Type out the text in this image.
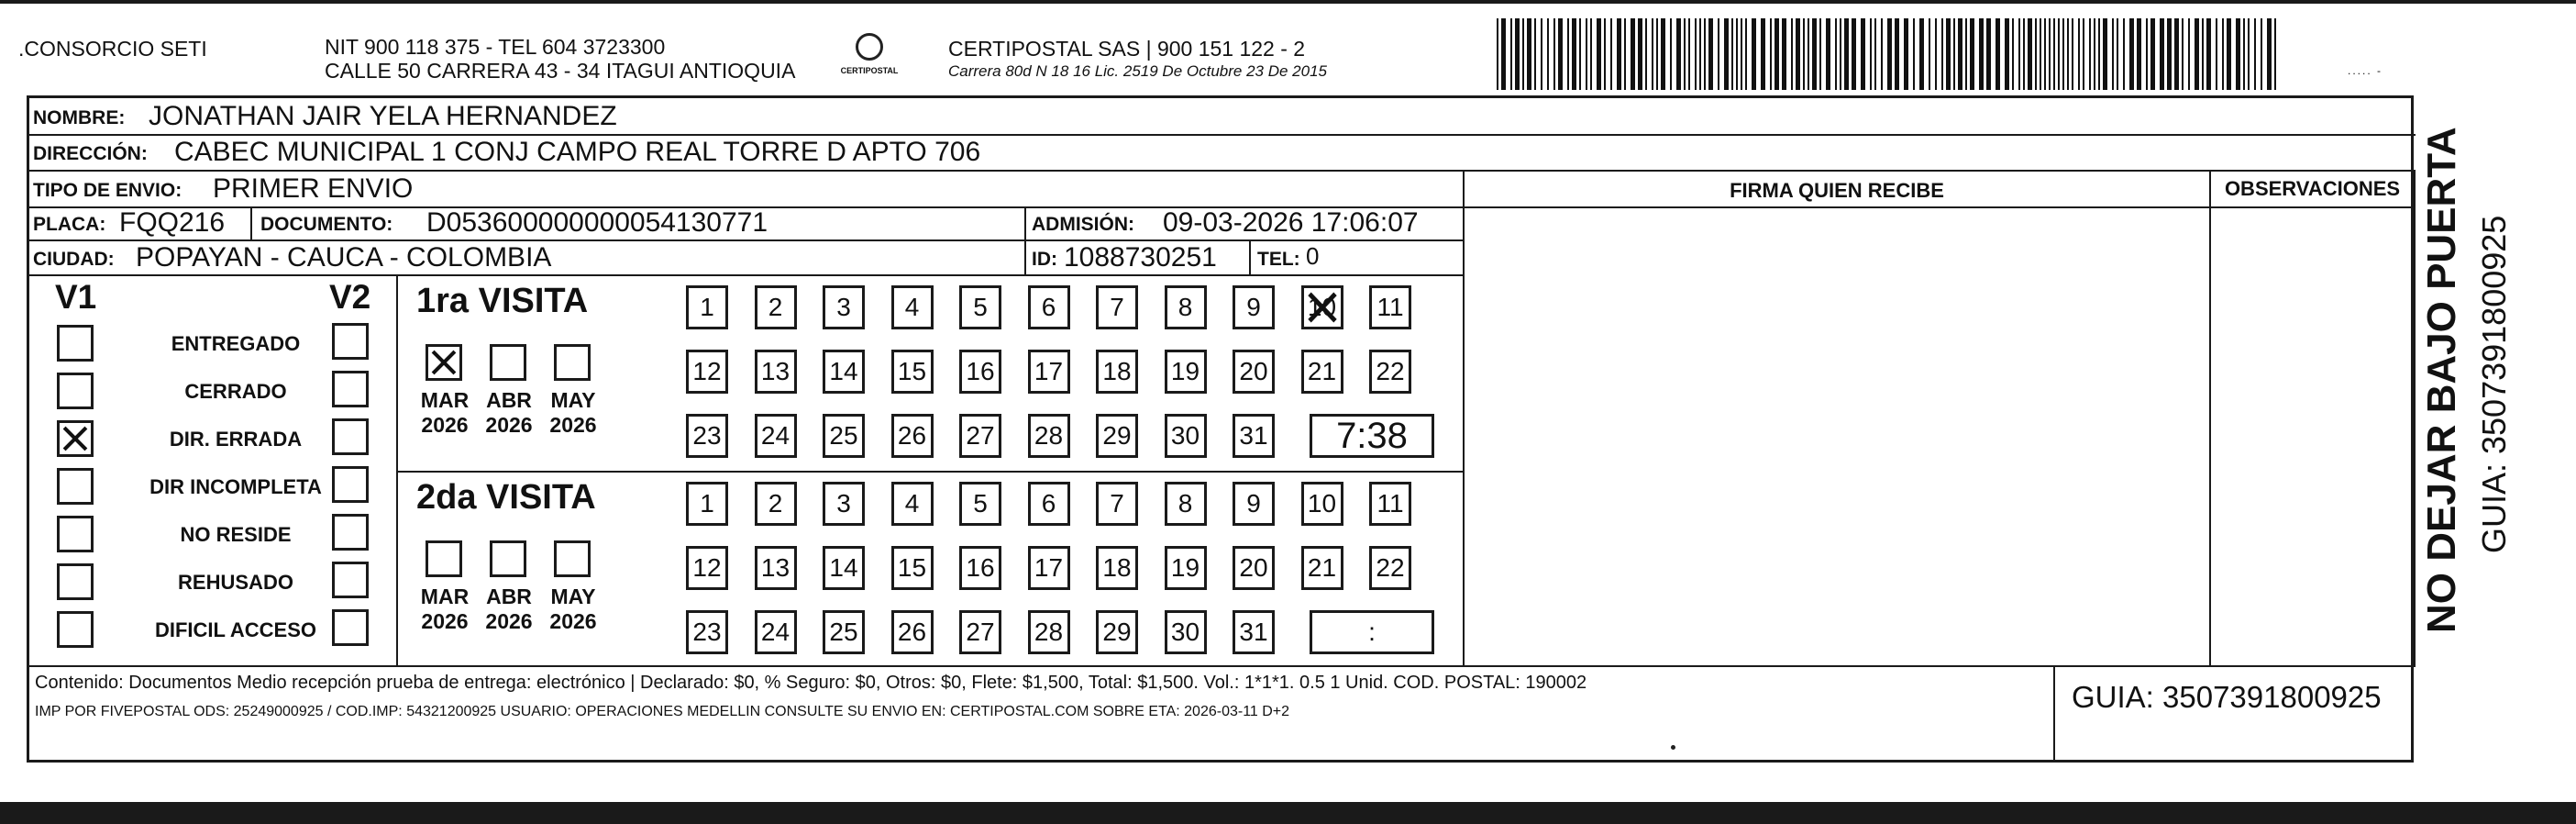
.CONSORCIO SETI	NIT 900 118 375 - TEL 604 3723300
CALLE 50 CARRERA 43 - 34 ITAGUI ANTIOQUIA	CERTIPOSTAL
CERTIPOSTAL SAS | 900 151 122 - 2
Carrera 80d N 18 16 Lic. 2519 De Octubre 23 De 2015	..... -
NOMBRE: JONATHAN JAIR YELA HERNANDEZ
DIRECCIÓN: CABEC MUNICIPAL 1 CONJ CAMPO REAL TORRE D APTO 706
TIPO DE ENVIO: PRIMER ENVIO
PLACA: FQQ216 DOCUMENTO: D053600000000054130771	ADMISIÓN: 09-03-2026 17:06:07
CIUDAD: POPAYAN - CAUCA - COLOMBIA	ID: 1088730251 TEL: 0
FIRMA QUIEN RECIBE	OBSERVACIONES
V1	V2
ENTREGADO
CERRADO
DIR. ERRADA
DIR INCOMPLETA
NO RESIDE
REHUSADO
DIFICIL ACCESO
1ra VISITA
MAR
2026
ABR
2026
MAY
2026
1	2	3	4	5	6	7	8	9	10	11
12 13 14 15 16 17 18 19 20 21 22
23 24 25 26 27 28 29 30 31	7:38
2da VISITA
MAR
2026
ABR
2026
MAY
2026
1	2	3	4	5	6	7	8	9	10	11
12 13 14 15 16 17 18 19 20 21 22
23 24 25 26 27 28 29 30 31	:
Contenido: Documentos Medio recepción prueba de entrega: electrónico | Declarado: $0, % Seguro: $0, Otros: $0, Flete: $1,500, Total: $1,500. Vol.: 1*1*1. 0.5 1 Unid. COD. POSTAL: 190002
IMP POR FIVEPOSTAL ODS: 25249000925 / COD.IMP: 54321200925 USUARIO: OPERACIONES MEDELLIN CONSULTE SU ENVIO EN: CERTIPOSTAL.COM SOBRE ETA: 2026-03-11 D+2	GUIA: 3507391800925
NO DEJAR BAJO PUERTA GUIA: 3507391800925
